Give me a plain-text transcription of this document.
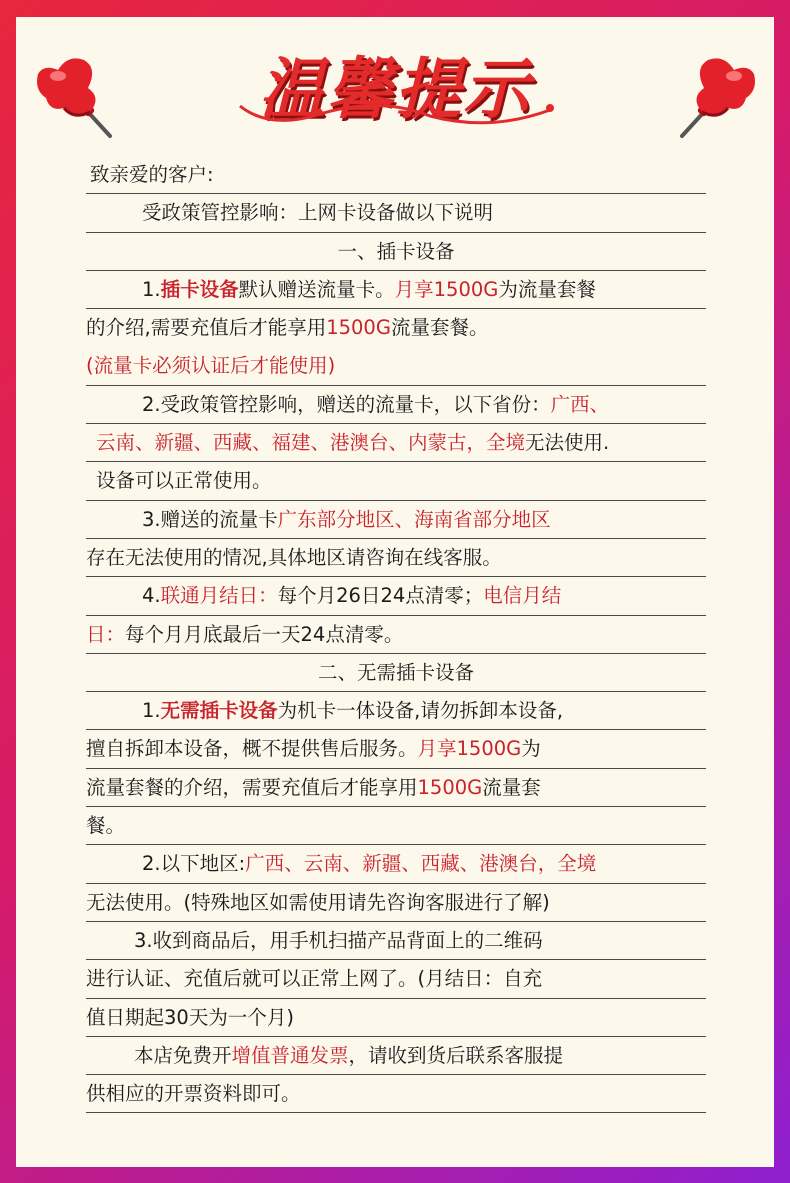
温馨提示
致亲爱的客户:
受政策管控影响：上网卡设备做以下说明
一、插卡设备
1.插卡设备默认赠送流量卡。月享1500G为流量套餐
的介绍,需要充值后才能享用1500G流量套餐。
(流量卡必须认证后才能使用)
2.受政策管控影响，赠送的流量卡，以下省份：广西、
云南、新疆、西藏、福建、港澳台、内蒙古，全境无法使用.
设备可以正常使用。
3.赠送的流量卡广东部分地区、海南省部分地区
存在无法使用的情况,具体地区请咨询在线客服。
4.联通月结日：每个月26日24点清零；电信月结
日：每个月月底最后一天24点清零。
二、无需插卡设备
1.无需插卡设备为机卡一体设备,请勿拆卸本设备,
擅自拆卸本设备，概不提供售后服务。月享1500G为
流量套餐的介绍，需要充值后才能享用1500G流量套
餐。
2.以下地区:广西、云南、新疆、西藏、港澳台，全境
无法使用。(特殊地区如需使用请先咨询客服进行了解)
3.收到商品后，用手机扫描产品背面上的二维码
进行认证、充值后就可以正常上网了。(月结日：自充
值日期起30天为一个月)
本店免费开增值普通发票，请收到货后联系客服提
供相应的开票资料即可。
